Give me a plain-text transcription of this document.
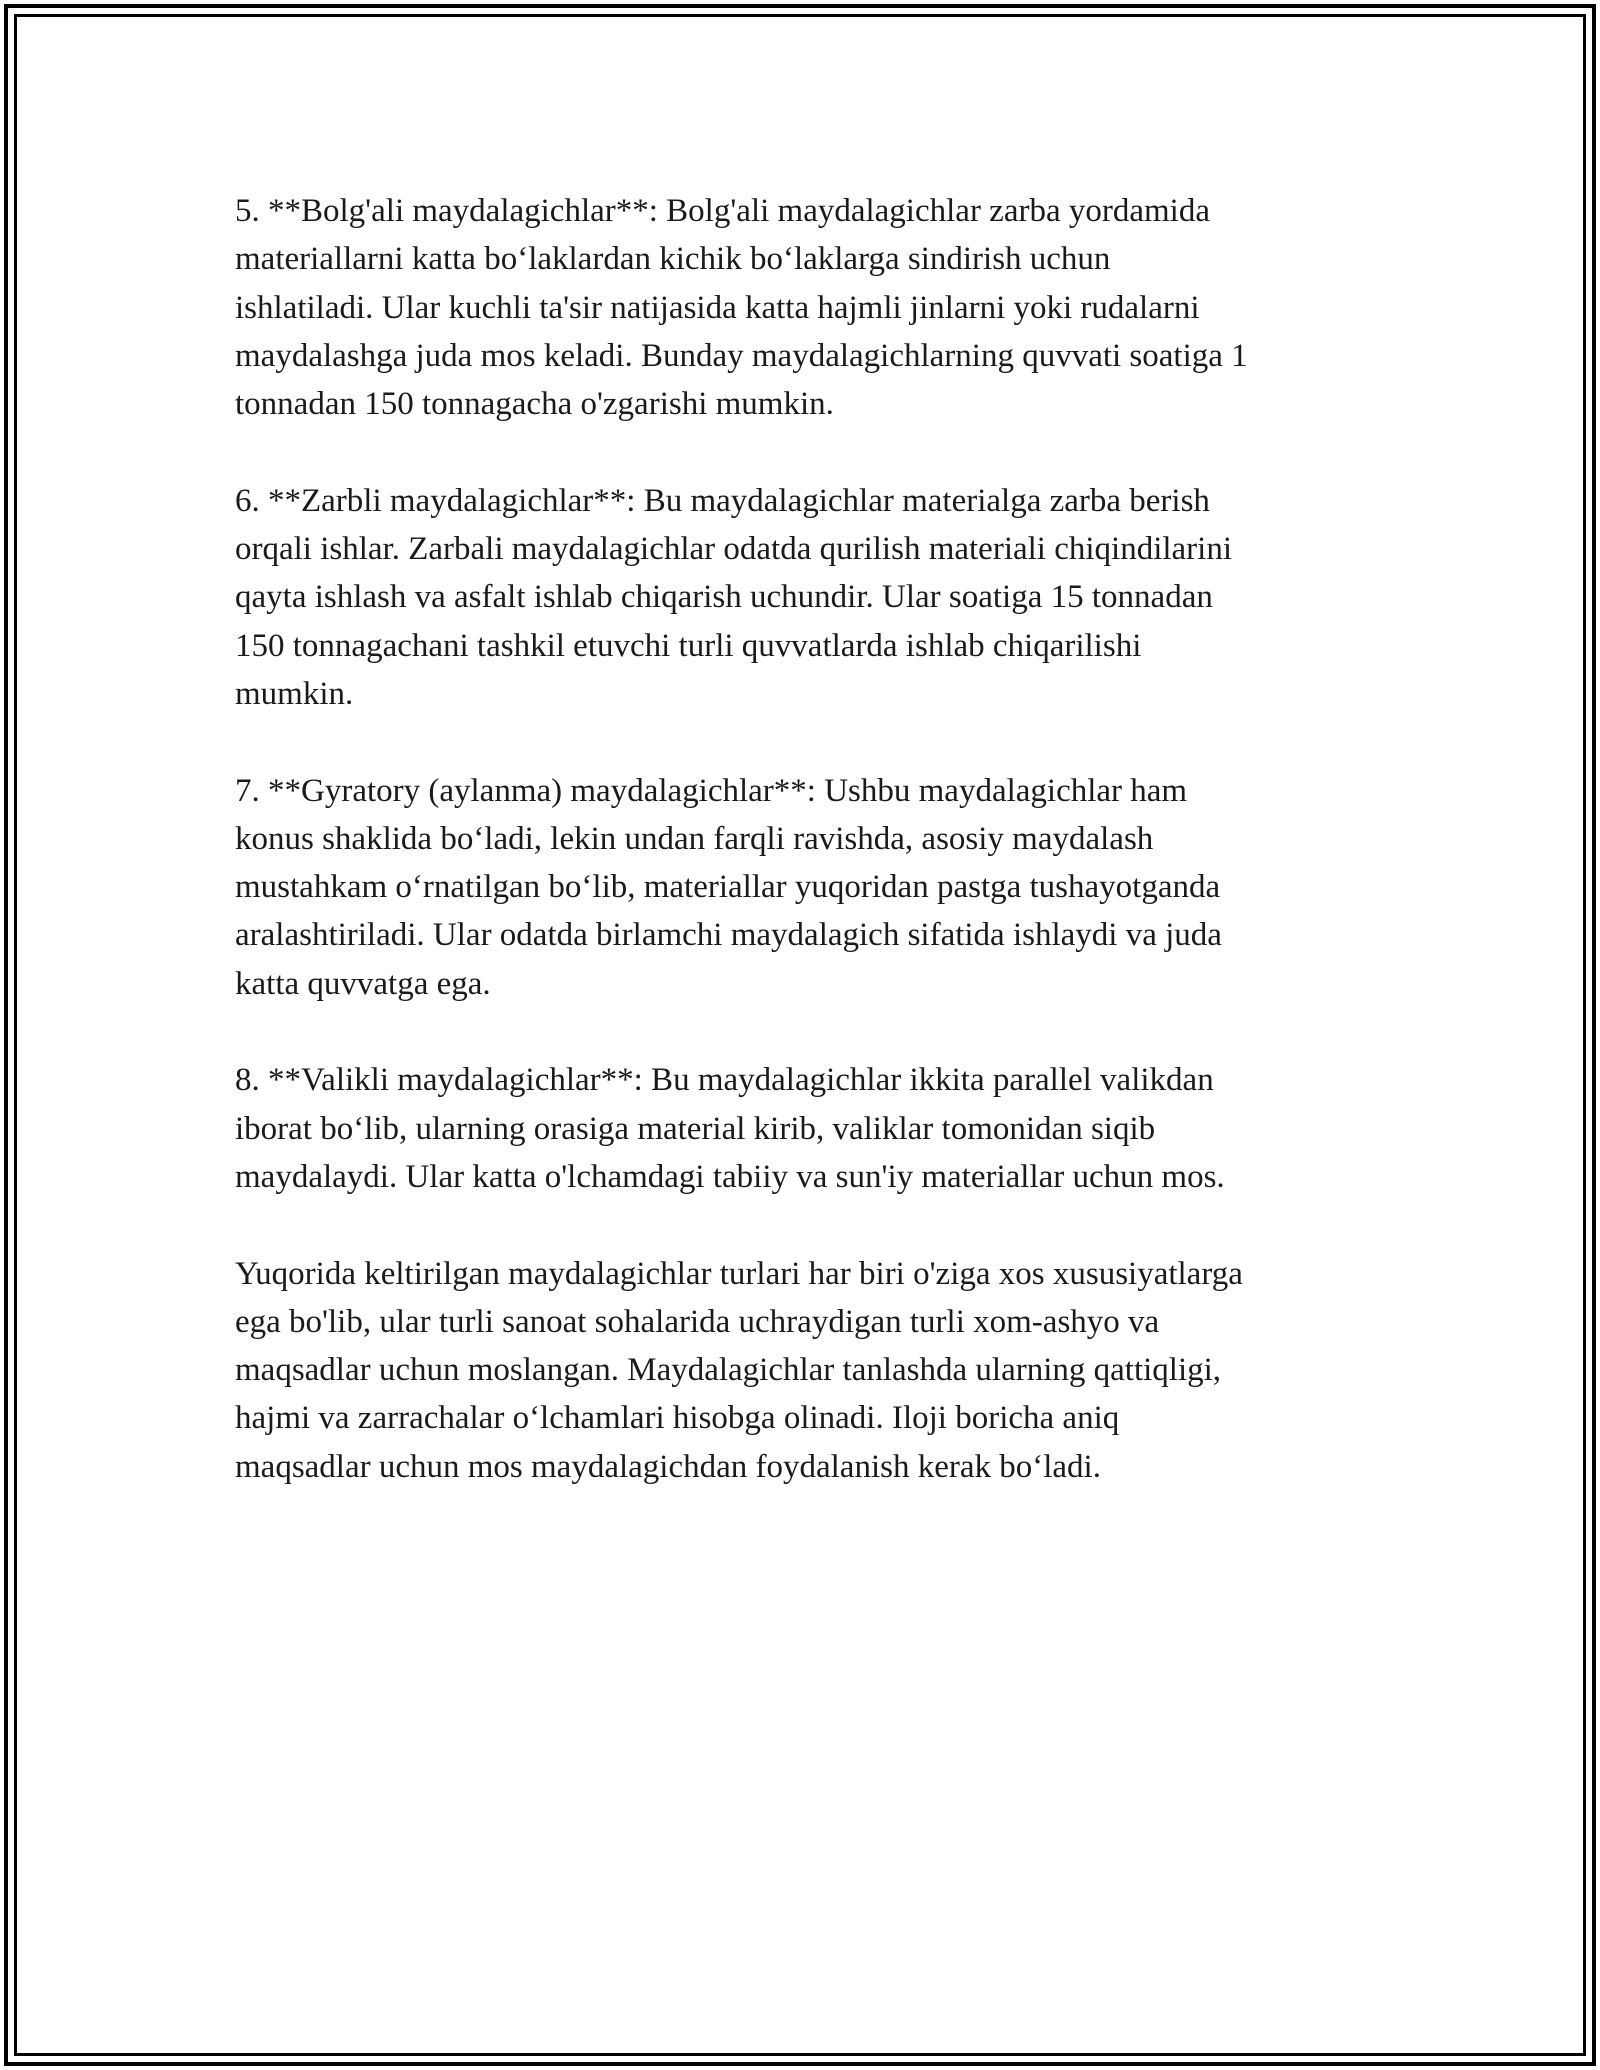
5. **Bolg'ali maydalagichlar**: Bolg'ali maydalagichlar zarba yordamida
materiallarni katta bo‘laklardan kichik bo‘laklarga sindirish uchun
ishlatiladi. Ular kuchli ta'sir natijasida katta hajmli jinlarni yoki rudalarni
maydalashga juda mos keladi. Bunday maydalagichlarning quvvati soatiga 1
tonnadan 150 tonnagacha o'zgarishi mumkin.

6. **Zarbli maydalagichlar**: Bu maydalagichlar materialga zarba berish
orqali ishlar. Zarbali maydalagichlar odatda qurilish materiali chiqindilarini
qayta ishlash va asfalt ishlab chiqarish uchundir. Ular soatiga 15 tonnadan
150 tonnagachani tashkil etuvchi turli quvvatlarda ishlab chiqarilishi
mumkin.

7. **Gyratory (aylanma) maydalagichlar**: Ushbu maydalagichlar ham
konus shaklida bo‘ladi, lekin undan farqli ravishda, asosiy maydalash
mustahkam o‘rnatilgan bo‘lib, materiallar yuqoridan pastga tushayotganda
aralashtiriladi. Ular odatda birlamchi maydalagich sifatida ishlaydi va juda
katta quvvatga ega.

8. **Valikli maydalagichlar**: Bu maydalagichlar ikkita parallel valikdan
iborat bo‘lib, ularning orasiga material kirib, valiklar tomonidan siqib
maydalaydi. Ular katta o'lchamdagi tabiiy va sun'iy materiallar uchun mos.

Yuqorida keltirilgan maydalagichlar turlari har biri o'ziga xos xususiyatlarga
ega bo'lib, ular turli sanoat sohalarida uchraydigan turli xom-ashyo va
maqsadlar uchun moslangan. Maydalagichlar tanlashda ularning qattiqligi,
hajmi va zarrachalar o‘lchamlari hisobga olinadi. Iloji boricha aniq
maqsadlar uchun mos maydalagichdan foydalanish kerak bo‘ladi.
